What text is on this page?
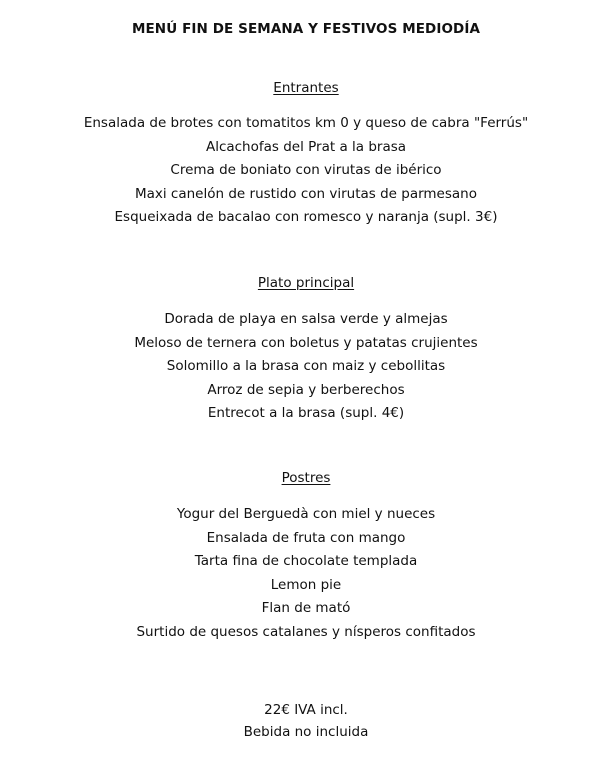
MENÚ FIN DE SEMANA Y FESTIVOS MEDIODÍA
Entrantes
Ensalada de brotes con tomatitos km 0 y queso de cabra "Ferrús"
Alcachofas del Prat a la brasa
Crema de boniato con virutas de ibérico
Maxi canelón de rustido con virutas de parmesano
Esqueixada de bacalao con romesco y naranja (supl. 3€)
Plato principal
Dorada de playa en salsa verde y almejas
Meloso de ternera con boletus y patatas crujientes
Solomillo a la brasa con maiz y cebollitas
Arroz de sepia y berberechos
Entrecot a la brasa (supl. 4€)
Postres
Yogur del Berguedà con miel y nueces
Ensalada de fruta con mango
Tarta fina de chocolate templada
Lemon pie
Flan de mató
Surtido de quesos catalanes y nísperos confitados
22€ IVA incl.
Bebida no incluida
